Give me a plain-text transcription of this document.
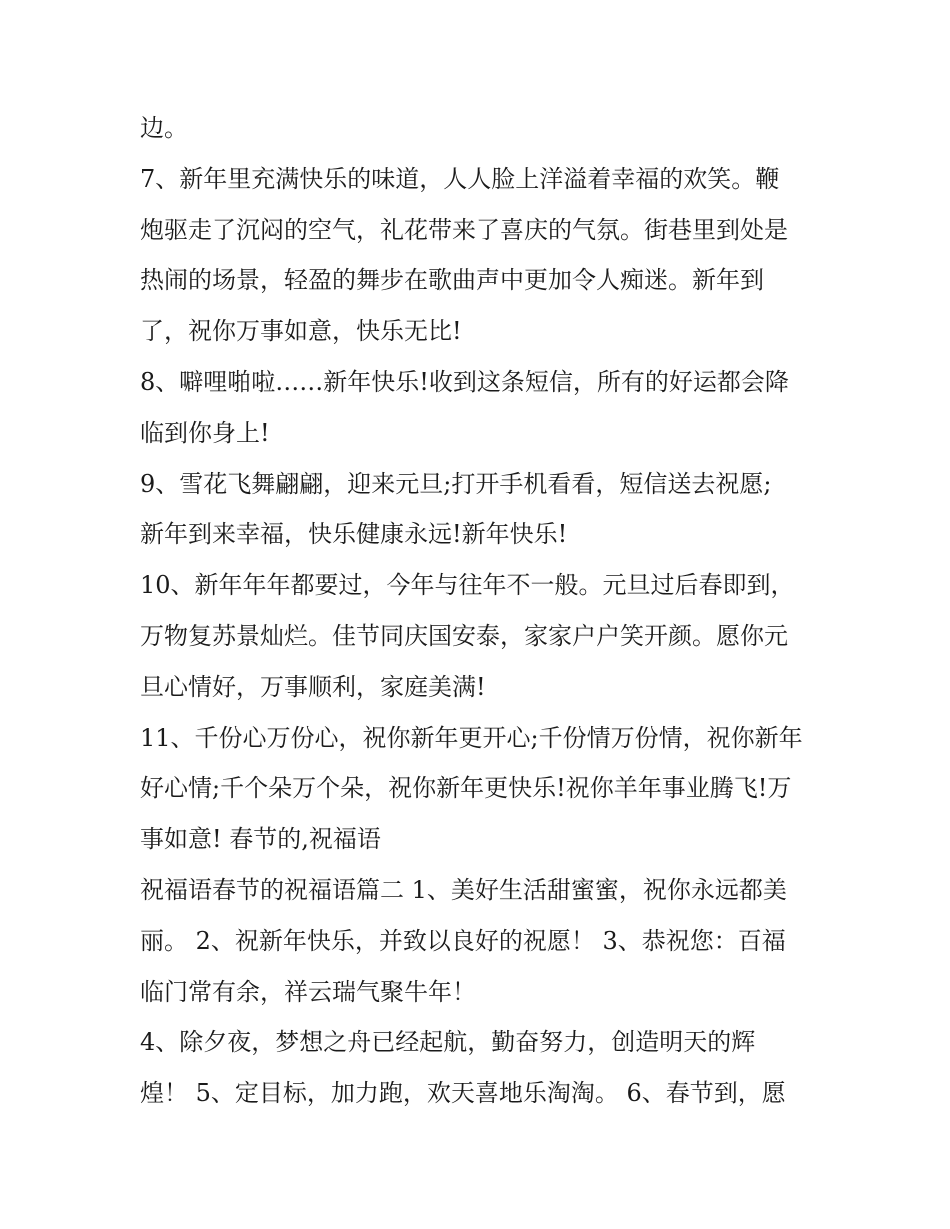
边。
7、新年里充满快乐的味道，人人脸上洋溢着幸福的欢笑。鞭
炮驱走了沉闷的空气，礼花带来了喜庆的气氛。街巷里到处是
热闹的场景，轻盈的舞步在歌曲声中更加令人痴迷。新年到
了，祝你万事如意，快乐无比!
8、噼哩啪啦……新年快乐!收到这条短信，所有的好运都会降
临到你身上!
9、雪花飞舞翩翩，迎来元旦;打开手机看看，短信送去祝愿;
新年到来幸福，快乐健康永远!新年快乐!
10、新年年年都要过，今年与往年不一般。元旦过后春即到，
万物复苏景灿烂。佳节同庆国安泰，家家户户笑开颜。愿你元
旦心情好，万事顺利，家庭美满!
11、千份心万份心，祝你新年更开心;千份情万份情，祝你新年
好心情;千个朵万个朵，祝你新年更快乐!祝你羊年事业腾飞!万
事如意! 春节的,祝福语
祝福语春节的祝福语篇二 1、美好生活甜蜜蜜，祝你永远都美
丽。 2、祝新年快乐，并致以良好的祝愿！ 3、恭祝您：百福
临门常有余，祥云瑞气聚牛年！
4、除夕夜，梦想之舟已经起航，勤奋努力，创造明天的辉
煌！ 5、定目标，加力跑，欢天喜地乐淘淘。 6、春节到，愿
